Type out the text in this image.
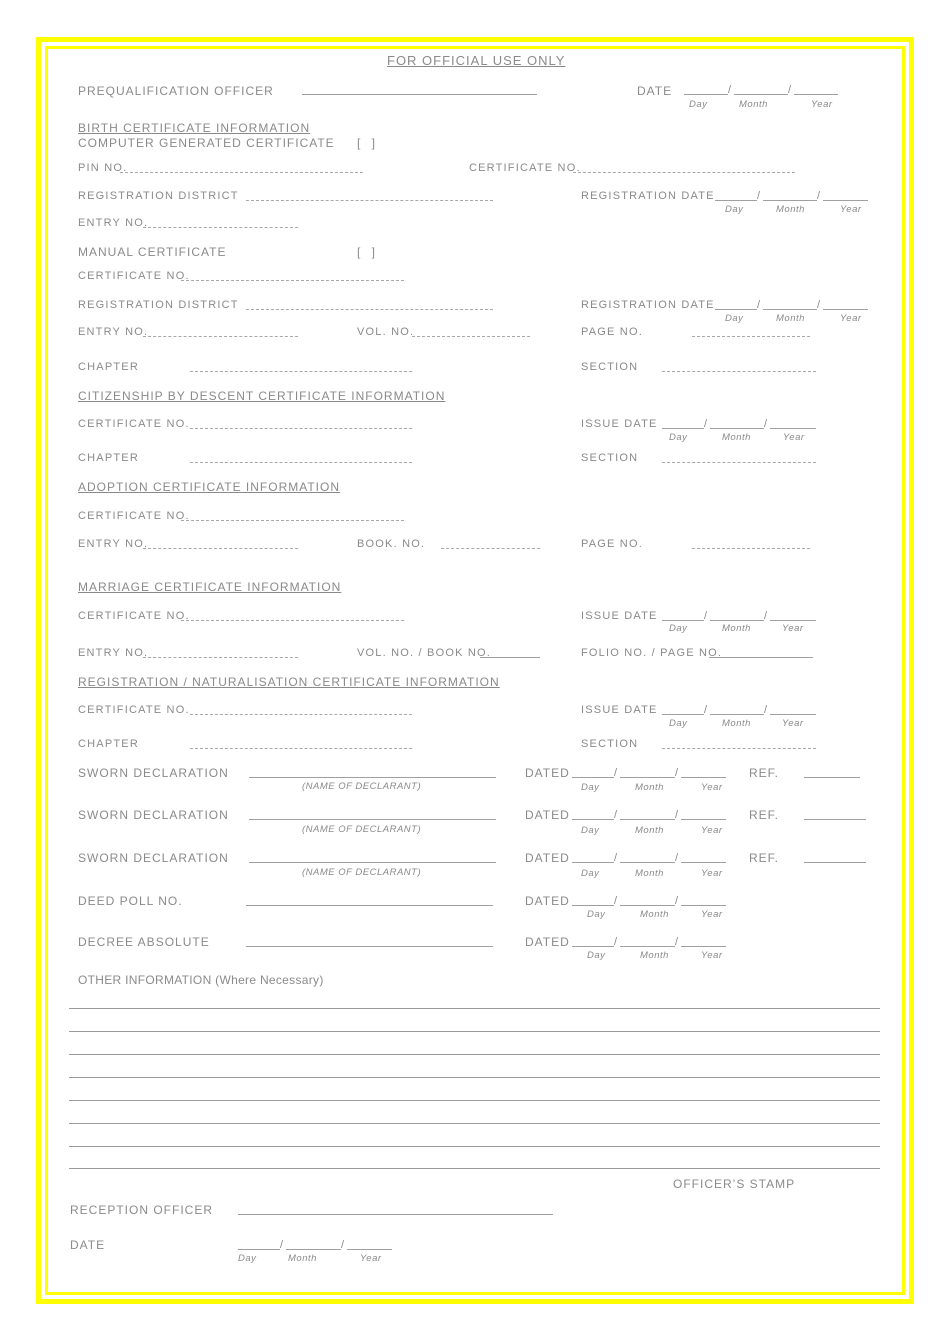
FOR OFFICIAL USE ONLY
PREQUALIFICATION OFFICER	DATE	/	/
Day	Month	Year
BIRTH CERTIFICATE INFORMATION
COMPUTER GENERATED CERTIFICATE [ ]
PIN NO.	CERTIFICATE NO.
REGISTRATION DISTRICT	REGISTRATION DATE	/	/
Day	Month	Year
ENTRY NO.
MANUAL CERTIFICATE	[ ]
CERTIFICATE NO.
REGISTRATION DISTRICT	REGISTRATION DATE	/	/
Day	Month	Year
ENTRY NO.	VOL. NO.	PAGE NO.
CHAPTER	SECTION
CITIZENSHIP BY DESCENT CERTIFICATE INFORMATION
CERTIFICATE NO.	ISSUE DATE	/	/
Day	Month	Year
CHAPTER	SECTION
ADOPTION CERTIFICATE INFORMATION
CERTIFICATE NO.
ENTRY NO.	BOOK. NO.	PAGE NO.
MARRIAGE CERTIFICATE INFORMATION
CERTIFICATE NO.	ISSUE DATE	/	/
Day	Month	Year
ENTRY NO.	VOL. NO. / BOOK NO.	FOLIO NO. / PAGE NO.
REGISTRATION / NATURALISATION CERTIFICATE INFORMATION
CERTIFICATE NO.	ISSUE DATE	/	/
Day	Month	Year
CHAPTER	SECTION
SWORN DECLARATION
(NAME OF DECLARANT)
DATED	/	/
Day	Month	Year
REF.
SWORN DECLARATION
(NAME OF DECLARANT)
DATED	/	/
Day	Month	Year
REF.
SWORN DECLARATION
(NAME OF DECLARANT)
DATED	/	/
Day	Month	Year
REF.
DEED POLL NO.	DATED	/	/
Day	Month	Year
DECREE ABSOLUTE	DATED	/	/
Day	Month	Year
OTHER INFORMATION (Where Necessary)
OFFICER’S STAMP
RECEPTION OFFICER
DATE	/	/
Day	Month	Year
